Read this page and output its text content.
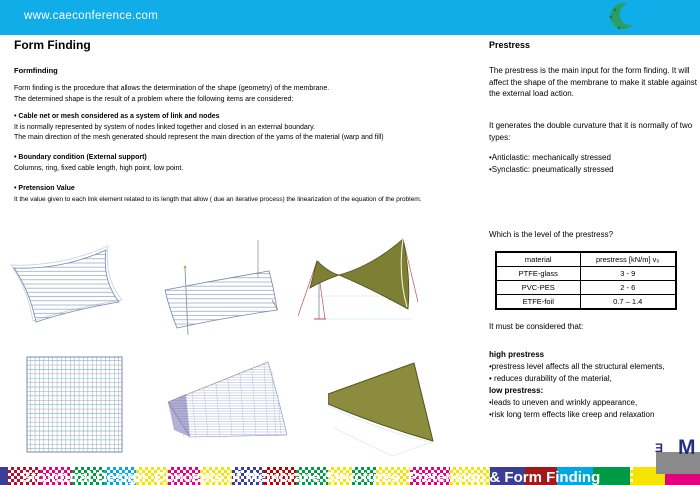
www.caeconference.com
Form Finding
Formfinding
Form finding is the procedure that allows the determination of the shape (geometry) of the membrane.
The determined shape is the result of a problem where the following items are considered:
• Cable net or mesh considered as a system of link and nodes
It is normally represented by system of nodes linked together and closed in an external boundary.
The main direction of the mesh generated should represent the main direction of the yarns of the material (warp and fill)
• Boundary condition (External support)
Columns, ring, fixed cable length, high point, low point.
• Pretension Value
It the value given to each link element related to its length that allow ( due an iterative process) the linearization of the equation of the problem.
Prestress
The prestress is the main input for the form finding. It will affect the shape of the membrane to make it stable against the external load action.
It generates the double curvature that it is normally of two types:
•Anticlastic: mechanically stressed
•Synclastic: pneumatically stressed
Which is the level of the prestress?
material	prestress [kN/m] v₀
PTFE-glass	3 - 9
PVC-PES	2 - 6
ETFE-foil	0.7 – 1.4
It must be considered that:
high prestress
•prestress level affects all the structural elements,
• reduces durability of the material,
low prestress:
•leads to uneven and wrinkly appearance,
•risk long term effects like creep and relaxation
Structural Design  Concepts of Membrane Structures  Pretension & Form Finding
Ǝ M
